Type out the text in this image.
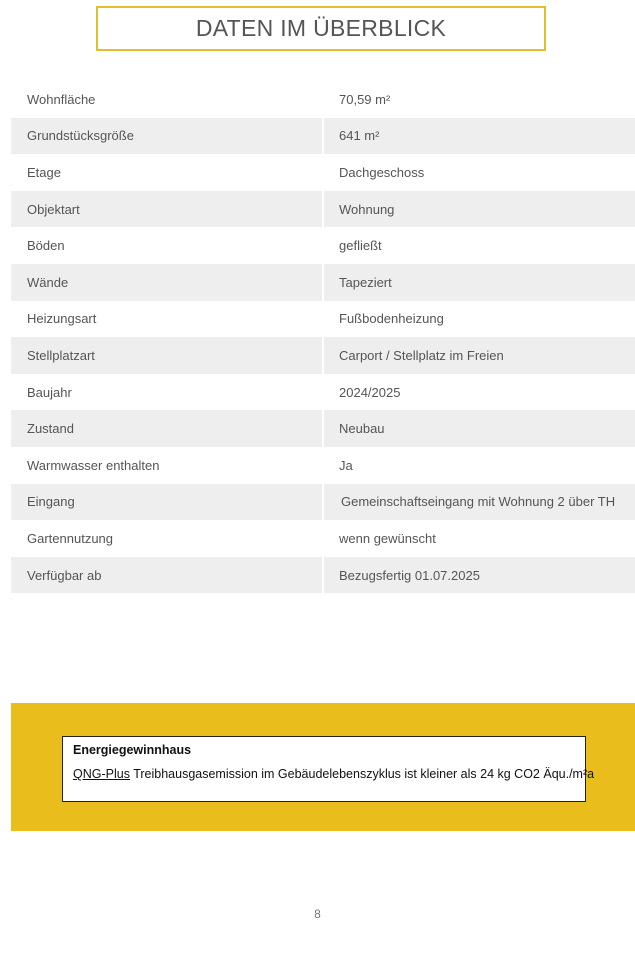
DATEN IM ÜBERBLICK
Wohnfläche	70,59 m²
Grundstücksgröße	641 m²
Etage	Dachgeschoss
Objektart	Wohnung
Böden	gefließt
Wände	Tapeziert
Heizungsart	Fußbodenheizung
Stellplatzart	Carport / Stellplatz im Freien
Baujahr	2024/2025
Zustand	Neubau
Warmwasser enthalten	Ja
Eingang	Gemeinschaftseingang mit Wohnung 2 über TH
Gartennutzung	wenn gewünscht
Verfügbar ab	Bezugsfertig 01.07.2025
Energiegewinnhaus
QNG-Plus Treibhausgasemission im Gebäudelebenszyklus ist kleiner als 24 kg CO2 Äqu./m²a
8
